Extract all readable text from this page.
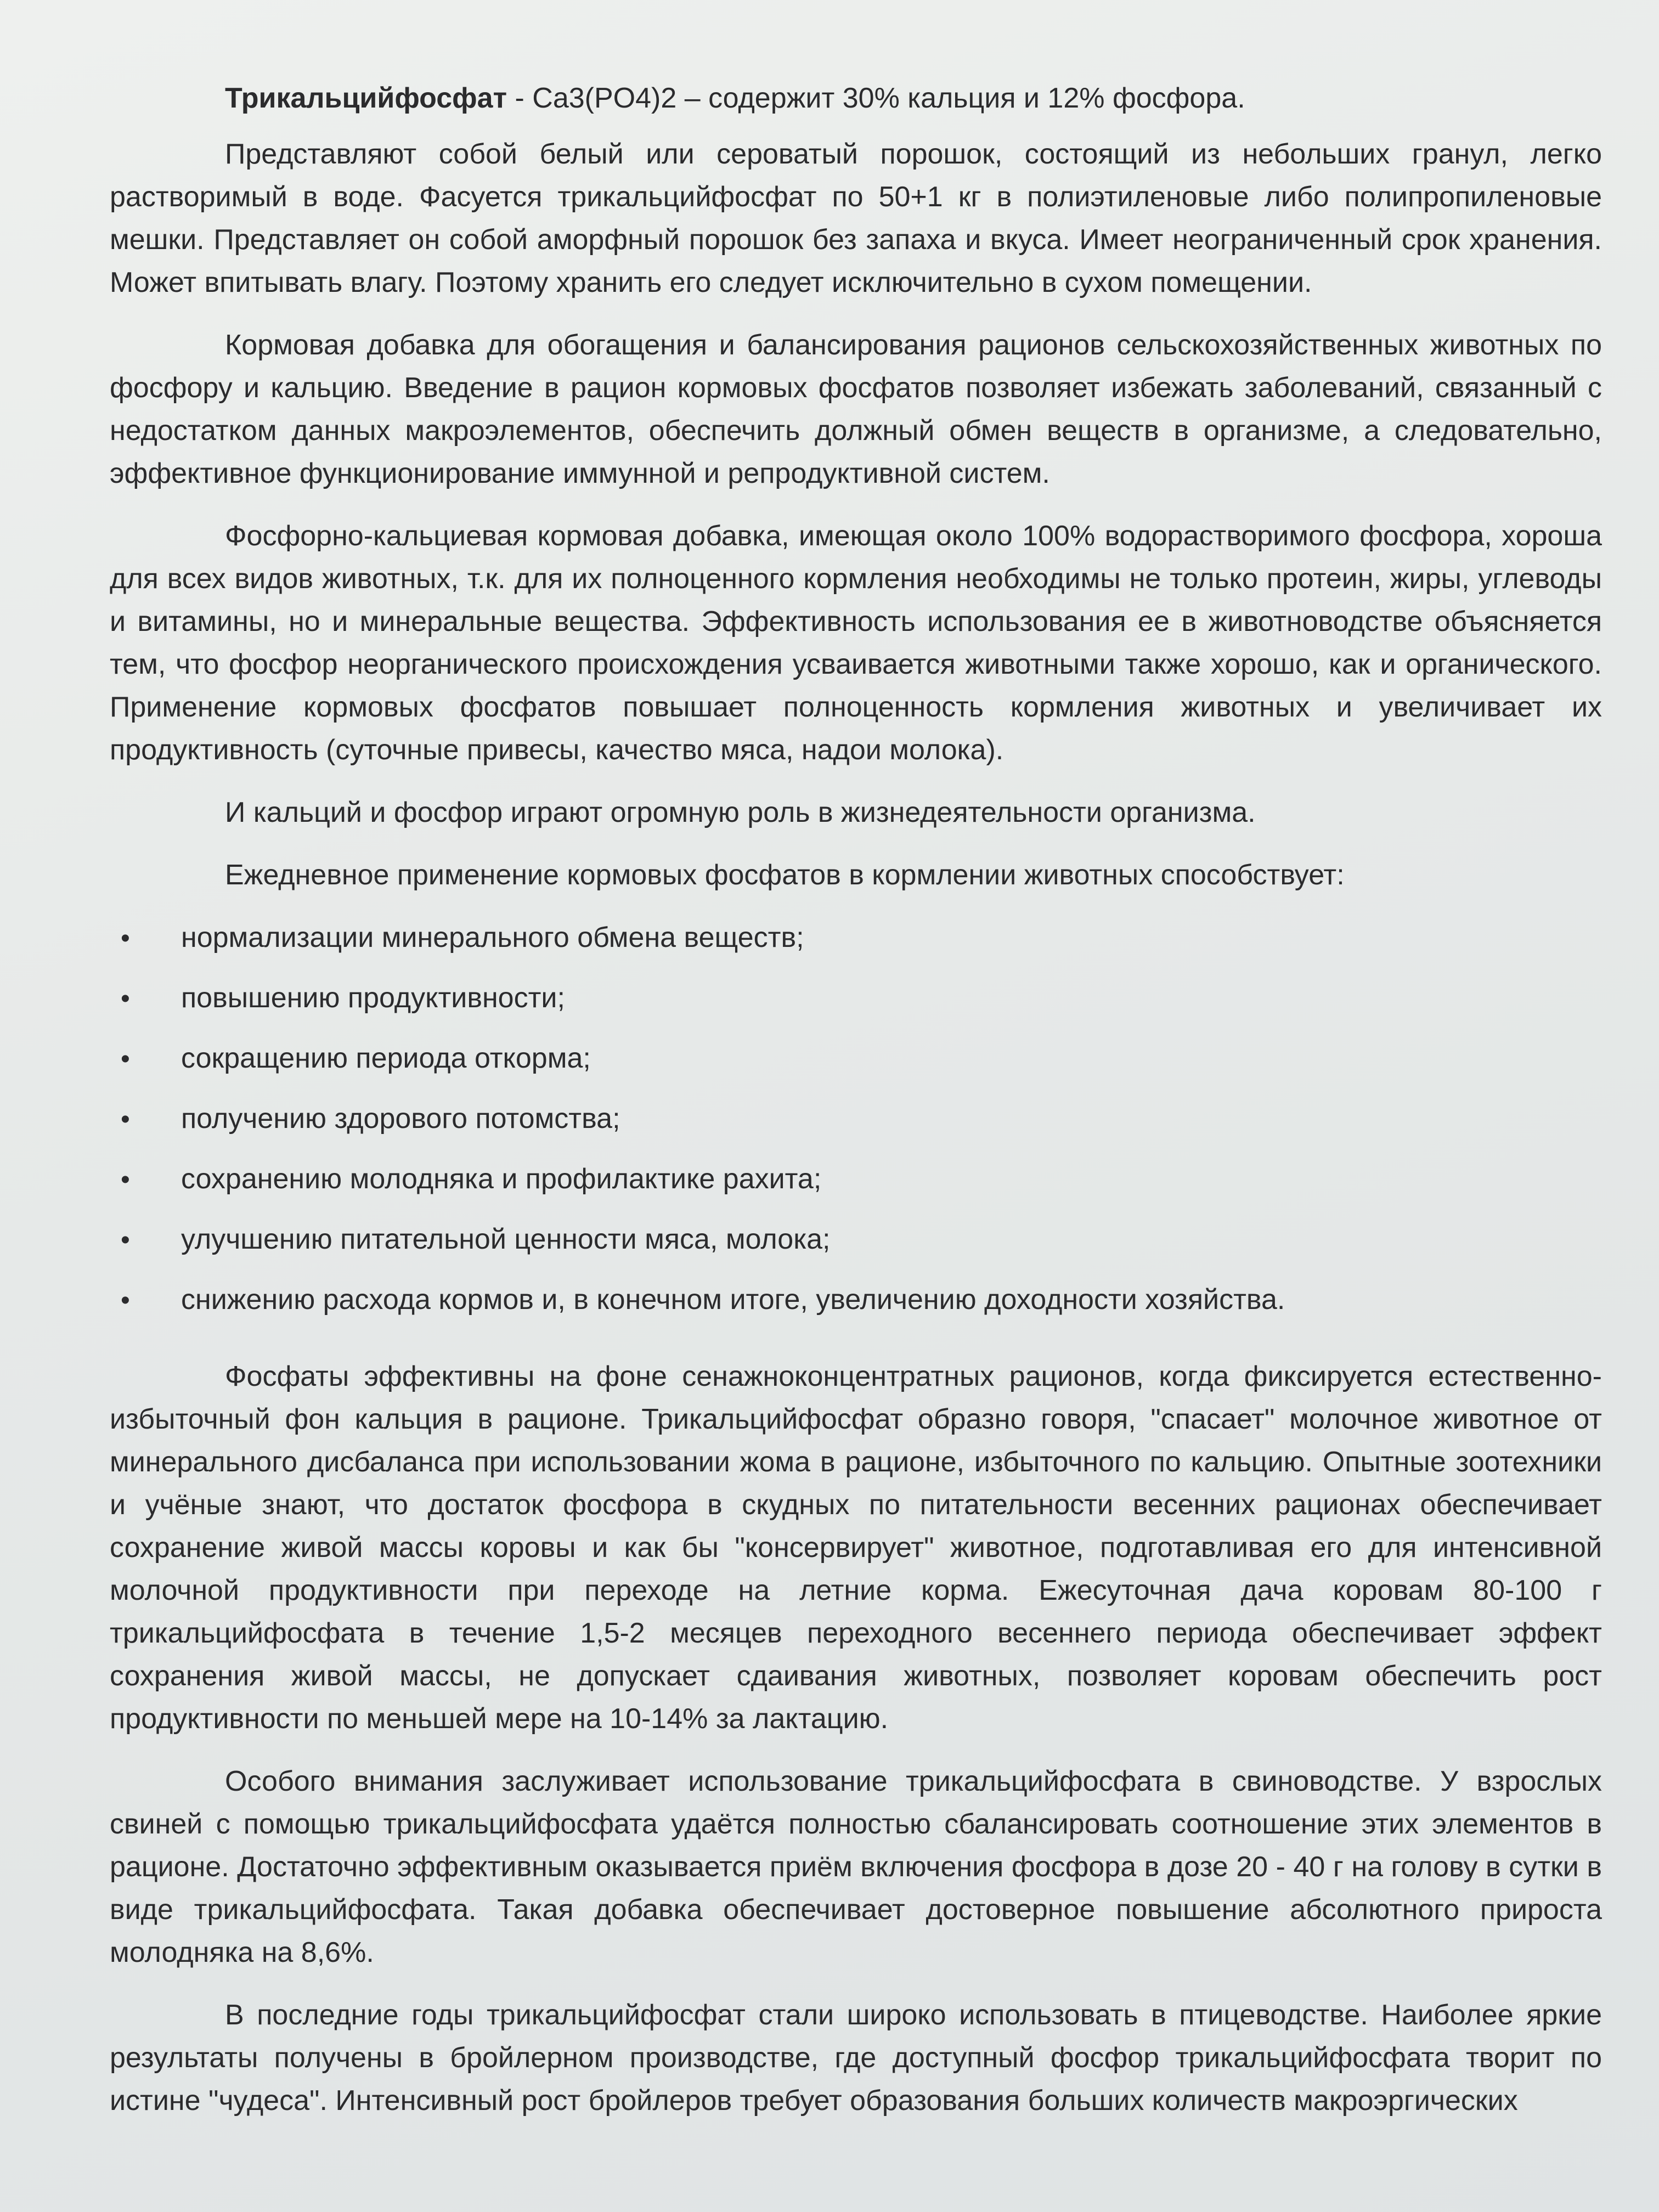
Трикальцийфосфат - Ca3(PO4)2 – содержит 30% кальция и 12% фосфора.

Представляют собой белый или сероватый порошок, состоящий из небольших гранул, легко растворимый в воде. Фасуется трикальцийфосфат по 50+1 кг в полиэтиленовые либо полипропиленовые мешки. Представляет он собой аморфный порошок без запаха и вкуса. Имеет неограниченный срок хранения. Может впитывать влагу. Поэтому хранить его следует исключительно в сухом помещении.

Кормовая добавка для обогащения и балансирования рационов сельскохозяйственных животных по фосфору и кальцию. Введение в рацион кормовых фосфатов позволяет избежать заболеваний, связанный с недостатком данных макроэлементов, обеспечить должный обмен веществ в организме, а следовательно, эффективное функционирование иммунной и репродуктивной систем.

Фосфорно-кальциевая кормовая добавка, имеющая около 100% водорастворимого фосфора, хороша для всех видов животных, т.к. для их полноценного кормления необходимы не только протеин, жиры, углеводы и витамины, но и минеральные вещества. Эффективность использования ее в животноводстве объясняется тем, что фосфор неорганического происхождения усваивается животными также хорошо, как и органического. Применение кормовых фосфатов повышает полноценность кормления животных и увеличивает их продуктивность (суточные привесы, качество мяса, надои молока).

И кальций и фосфор играют огромную роль в жизнедеятельности организма.

Ежедневное применение кормовых фосфатов в кормлении животных способствует:

•	нормализации минерального обмена веществ;
•	повышению продуктивности;
•	сокращению периода откорма;
•	получению здорового потомства;
•	сохранению молодняка и профилактике рахита;
•	улучшению питательной ценности мяса, молока;
•	снижению расхода кормов и, в конечном итоге, увеличению доходности хозяйства.

Фосфаты эффективны на фоне сенажноконцентратных рационов, когда фиксируется естественно-избыточный фон кальция в рационе. Трикальцийфосфат образно говоря, "спасает" молочное животное от минерального дисбаланса при использовании жома в рационе, избыточного по кальцию. Опытные зоотехники и учёные знают, что достаток фосфора в скудных по питательности весенних рационах обеспечивает сохранение живой массы коровы и как бы "консервирует" животное, подготавливая его для интенсивной молочной продуктивности при переходе на летние корма. Ежесуточная дача коровам 80-100 г трикальцийфосфата в течение 1,5-2 месяцев переходного весеннего периода обеспечивает эффект сохранения живой массы, не допускает сдаивания животных, позволяет коровам обеспечить рост продуктивности по меньшей мере на 10-14% за лактацию.

Особого внимания заслуживает использование трикальцийфосфата в свиноводстве. У взрослых свиней с помощью трикальцийфосфата удаётся полностью сбалансировать соотношение этих элементов в рационе. Достаточно эффективным оказывается приём включения фосфора в дозе 20 - 40 г на голову в сутки в виде трикальцийфосфата. Такая добавка обеспечивает достоверное повышение абсолютного прироста молодняка на 8,6%.

В последние годы трикальцийфосфат стали широко использовать в птицеводстве. Наиболее яркие результаты получены в бройлерном производстве, где доступный фосфор трикальцийфосфата творит по истине "чудеса". Интенсивный рост бройлеров требует образования больших количеств макроэргических
